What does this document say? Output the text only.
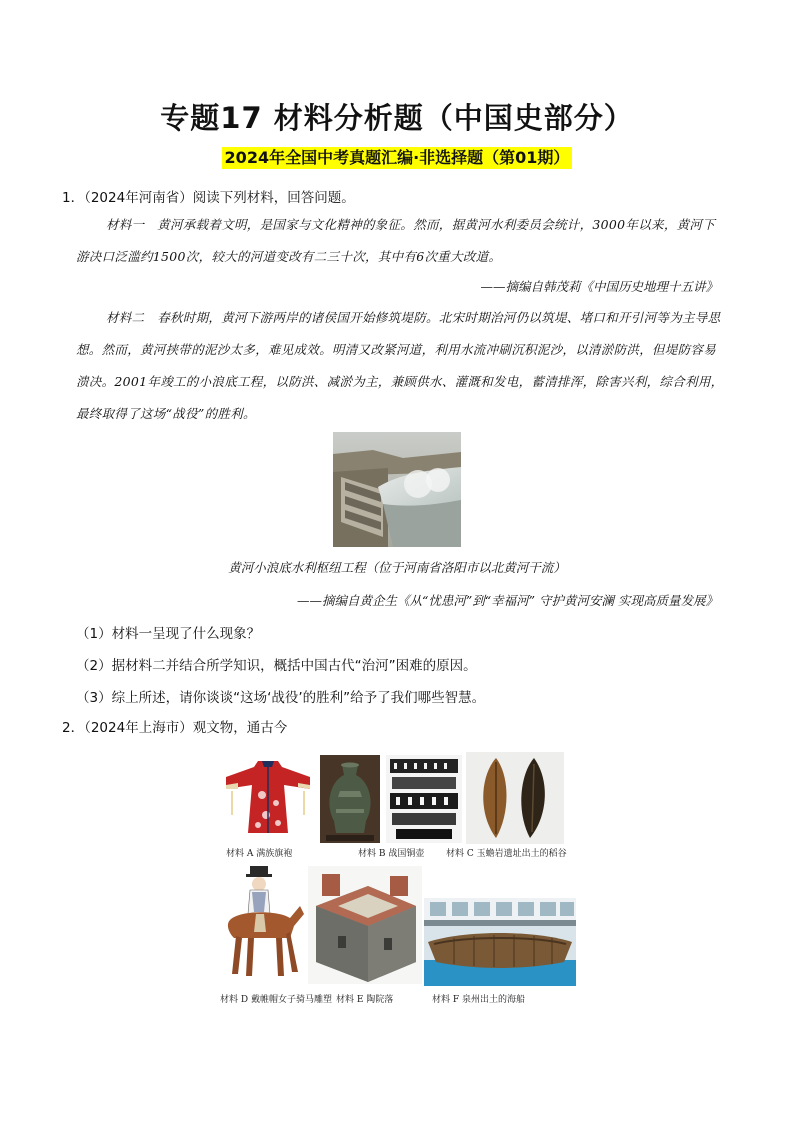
专题17 材料分析题（中国史部分）
2024年全国中考真题汇编·非选择题（第01期）
1．（2024年河南省）阅读下列材料，回答问题。
材料一　黄河承载着文明，是国家与文化精神的象征。然而，据黄河水利委员会统计，3000年以来，黄河下游决口泛滥约1500次，较大的河道变改有二三十次，其中有6次重大改道。
——摘编自韩茂莉《中国历史地理十五讲》
材料二　春秋时期，黄河下游两岸的诸侯国开始修筑堤防。北宋时期治河仍以筑堤、堵口和开引河等为主导思想。然而，黄河挟带的泥沙太多，难见成效。明清又改紧河道，利用水流冲刷沉积泥沙，以清淤防洪，但堤防容易溃决。2001年竣工的小浪底工程，以防洪、减淤为主，兼顾供水、灌溉和发电，蓄清排浑，除害兴利，综合利用，最终取得了这场“战役”的胜利。
黄河小浪底水利枢纽工程（位于河南省洛阳市以北黄河干流）
——摘编自黄企生《从“忧患河”到“幸福河” 守护黄河安澜 实现高质量发展》
（1）材料一呈现了什么现象？
（2）据材料二并结合所学知识，概括中国古代“治河”困难的原因。
（3）综上所述，请你谈谈“这场‘战役’的胜利”给予了我们哪些智慧。
2．（2024年上海市）观文物，通古今
材料 A 满族旗袍	材料 B 战国铜壶 材料 C 玉蟾岩遗址出土的稻谷
材料 D 戴帷帽女子骑马雕塑 材料 E 陶院落	材料 F 泉州出土的海船
